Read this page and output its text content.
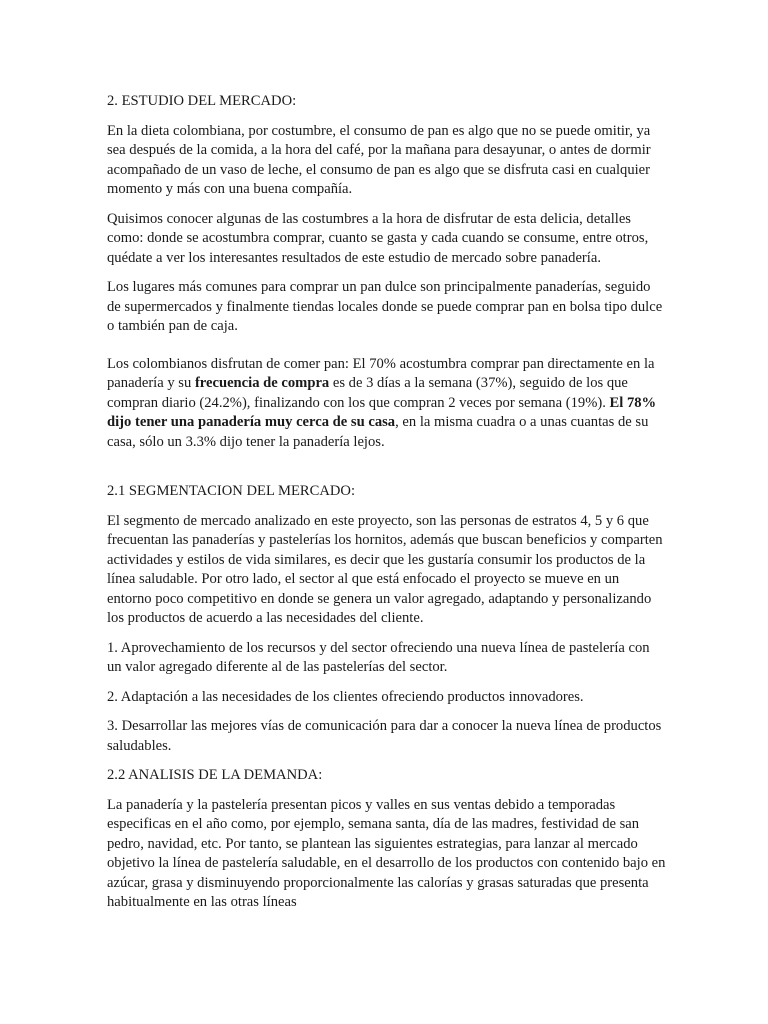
2. ESTUDIO DEL MERCADO:

En la dieta colombiana, por costumbre, el consumo de pan es algo que no se puede omitir, ya sea después de la comida, a la hora del café, por la mañana para desayunar, o antes de dormir acompañado de un vaso de leche, el consumo de pan es algo que se disfruta casi en cualquier momento y más con una buena compañía.

Quisimos conocer algunas de las costumbres a la hora de disfrutar de esta delicia, detalles como: donde se acostumbra comprar, cuanto se gasta y cada cuando se consume, entre otros, quédate a ver los interesantes resultados de este estudio de mercado sobre panadería.

Los lugares más comunes para comprar un pan dulce son principalmente panaderías, seguido de supermercados y finalmente tiendas locales donde se puede comprar pan en bolsa tipo dulce o también pan de caja.

Los colombianos disfrutan de comer pan: El 70% acostumbra comprar pan directamente en la panadería y su frecuencia de compra es de 3 días a la semana (37%), seguido de los que compran diario (24.2%), finalizando con los que compran 2 veces por semana (19%). El 78% dijo tener una panadería muy cerca de su casa, en la misma cuadra o a unas cuantas de su casa, sólo un 3.3% dijo tener la panadería lejos.

2.1 SEGMENTACION DEL MERCADO:

El segmento de mercado analizado en este proyecto, son las personas de estratos 4, 5 y 6 que frecuentan las panaderías y pastelerías los hornitos, además que buscan beneficios y comparten actividades y estilos de vida similares, es decir que les gustaría consumir los productos de la línea saludable. Por otro lado, el sector al que está enfocado el proyecto se mueve en un entorno poco competitivo en donde se genera un valor agregado, adaptando y personalizando los productos de acuerdo a las necesidades del cliente.

1. Aprovechamiento de los recursos y del sector ofreciendo una nueva línea de pastelería con un valor agregado diferente al de las pastelerías del sector.

2. Adaptación a las necesidades de los clientes ofreciendo productos innovadores.

3. Desarrollar las mejores vías de comunicación para dar a conocer la nueva línea de productos saludables.

2.2 ANALISIS DE LA DEMANDA:

La panadería y la pastelería presentan picos y valles en sus ventas debido a temporadas especificas en el año como, por ejemplo, semana santa, día de las madres, festividad de san pedro, navidad, etc. Por tanto, se plantean las siguientes estrategias, para lanzar al mercado objetivo la línea de pastelería saludable, en el desarrollo de los productos con contenido bajo en azúcar, grasa y disminuyendo proporcionalmente las calorías y grasas saturadas que presenta habitualmente en las otras líneas
